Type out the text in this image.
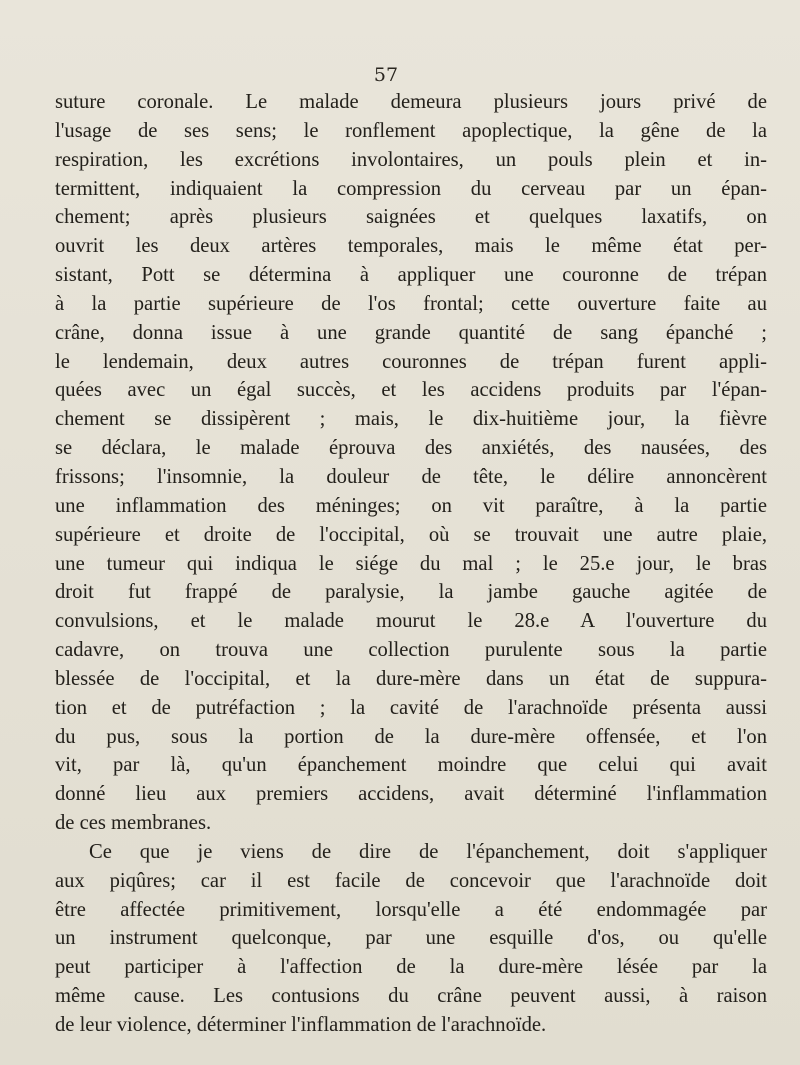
57
suture coronale. Le malade demeura plusieurs jours privé de
l'usage de ses sens; le ronflement apoplectique, la gêne de la
respiration, les excrétions involontaires, un pouls plein et in-
termittent, indiquaient la compression du cerveau par un épan-
chement; après plusieurs saignées et quelques laxatifs, on
ouvrit les deux artères temporales, mais le même état per-
sistant, Pott se détermina à appliquer une couronne de trépan
à la partie supérieure de l'os frontal; cette ouverture faite au
crâne, donna issue à une grande quantité de sang épanché ;
le lendemain, deux autres couronnes de trépan furent appli-
quées avec un égal succès, et les accidens produits par l'épan-
chement se dissipèrent ; mais, le dix-huitième jour, la fièvre
se déclara, le malade éprouva des anxiétés, des nausées, des
frissons; l'insomnie, la douleur de tête, le délire annoncèrent
une inflammation des méninges; on vit paraître, à la partie
supérieure et droite de l'occipital, où se trouvait une autre plaie,
une tumeur qui indiqua le siége du mal ; le 25.e jour, le bras
droit fut frappé de paralysie, la jambe gauche agitée de
convulsions, et le malade mourut le 28.e A l'ouverture du
cadavre, on trouva une collection purulente sous la partie
blessée de l'occipital, et la dure-mère dans un état de suppura-
tion et de putréfaction ; la cavité de l'arachnoïde présenta aussi
du pus, sous la portion de la dure-mère offensée, et l'on
vit, par là, qu'un épanchement moindre que celui qui avait
donné lieu aux premiers accidens, avait déterminé l'inflammation
de ces membranes.
Ce que je viens de dire de l'épanchement, doit s'appliquer
aux piqûres; car il est facile de concevoir que l'arachnoïde doit
être affectée primitivement, lorsqu'elle a été endommagée par
un instrument quelconque, par une esquille d'os, ou qu'elle
peut participer à l'affection de la dure-mère lésée par la
même cause. Les contusions du crâne peuvent aussi, à raison
de leur violence, déterminer l'inflammation de l'arachnoïde.
